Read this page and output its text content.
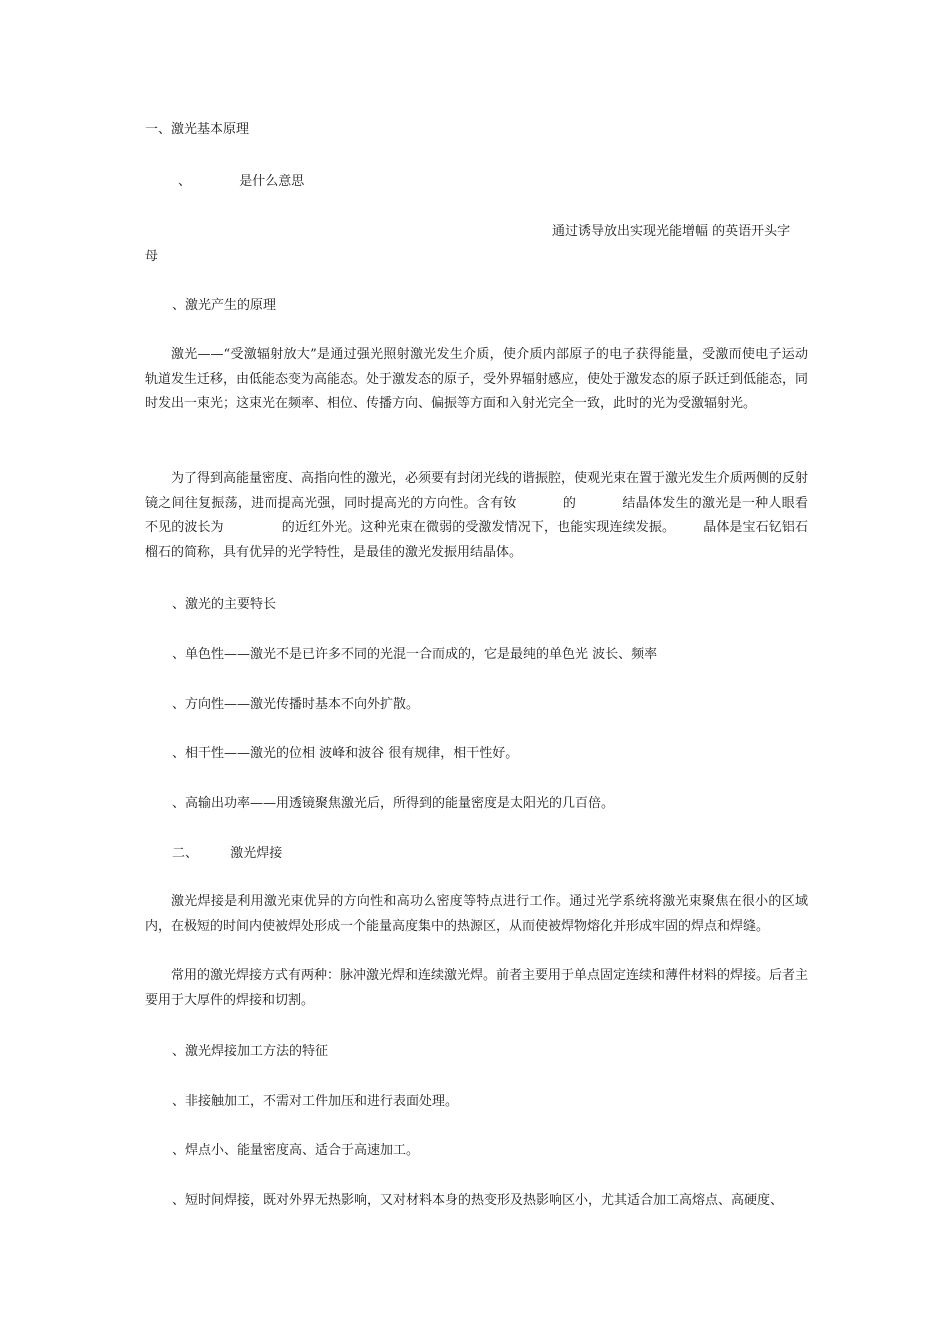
一、激光基本原理
、	是什么意思
通过诱导放出实现光能增幅 的英语开头字
母
、激光产生的原理
激光——“受激辐射放大”是通过强光照射激光发生介质，使介质内部原子的电子获得能量，受激而使电子运动轨道发生迁移，由低能态变为高能态。处于激发态的原子，受外界辐射感应，使处于激发态的原子跃迁到低能态，同时发出一束光；这束光在频率、相位、传播方向、偏振等方面和入射光完全一致，此时的光为受激辐射光。
为了得到高能量密度、高指向性的激光，必须要有封闭光线的谐振腔，使观光束在置于激光发生介质两侧的反射镜之间往复振荡，进而提高光强，同时提高光的方向性。含有钕	的	结晶体发生的激光是一种人眼看不见的波长为	的近红外光。这种光束在微弱的受激发情况下，也能实现连续发振。 晶体是宝石钇铝石榴石的简称，具有优异的光学特性，是最佳的激光发振用结晶体。
、激光的主要特长
、单色性——激光不是已许多不同的光混一合而成的，它是最纯的单色光 波长、频率
、方向性——激光传播时基本不向外扩散。
、相干性——激光的位相 波峰和波谷 很有规律，相干性好。
、高输出功率——用透镜聚焦激光后，所得到的能量密度是太阳光的几百倍。
二、 激光焊接
激光焊接是利用激光束优异的方向性和高功么密度等特点进行工作。通过光学系统将激光束聚焦在很小的区域内，在极短的时间内使被焊处形成一个能量高度集中的热源区，从而使被焊物熔化并形成牢固的焊点和焊缝。
常用的激光焊接方式有两种：脉冲激光焊和连续激光焊。前者主要用于单点固定连续和薄件材料的焊接。后者主要用于大厚件的焊接和切割。
、激光焊接加工方法的特征
、非接触加工，不需对工件加压和进行表面处理。
、焊点小、能量密度高、适合于高速加工。
、短时间焊接，既对外界无热影响，又对材料本身的热变形及热影响区小，尤其适合加工高熔点、高硬度、
